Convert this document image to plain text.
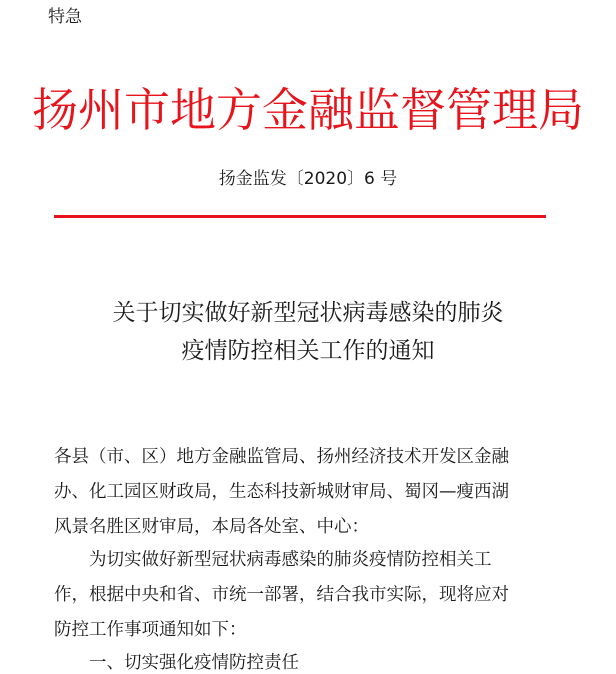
特急
扬州市地方金融监督管理局
扬金监发〔2020〕6 号
关于切实做好新型冠状病毒感染的肺炎
疫情防控相关工作的通知
各县（市、区）地方金融监管局、扬州经济技术开发区金融
办、化工园区财政局，生态科技新城财审局、蜀冈—瘦西湖
风景名胜区财审局，本局各处室、中心：
　　为切实做好新型冠状病毒感染的肺炎疫情防控相关工
作，根据中央和省、市统一部署，结合我市实际，现将应对
防控工作事项通知如下：
　　一、切实强化疫情防控责任
